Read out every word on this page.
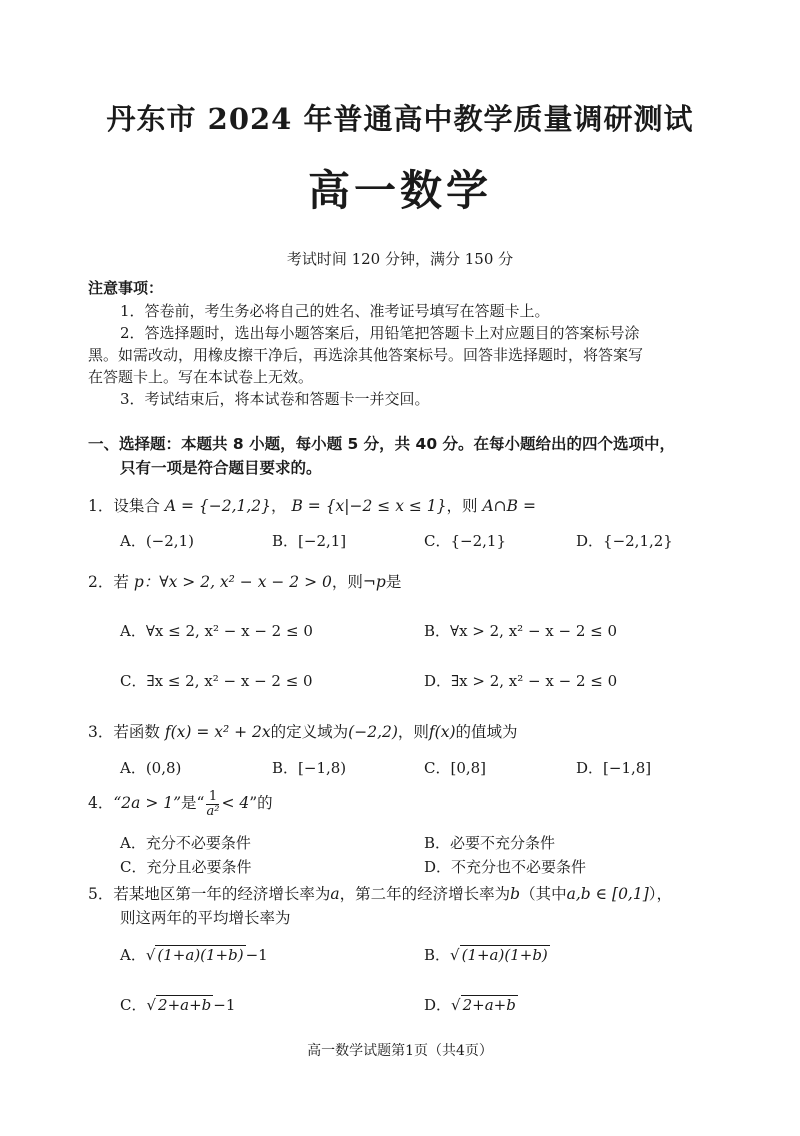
丹东市 2024 年普通高中教学质量调研测试
高一数学
考试时间 120 分钟，满分 150 分
注意事项：
1．答卷前，考生务必将自己的姓名、准考证号填写在答题卡上。
2．答选择题时，选出每小题答案后，用铅笔把答题卡上对应题目的答案标号涂
黑。如需改动，用橡皮擦干净后，再选涂其他答案标号。回答非选择题时，将答案写
在答题卡上。写在本试卷上无效。
3．考试结束后，将本试卷和答题卡一并交回。
一、选择题：本题共 8 小题，每小题 5 分，共 40 分。在每小题给出的四个选项中，
只有一项是符合题目要求的。
1．设集合 A = {−2,1,2}， B = {x|−2 ≤ x ≤ 1}，则 A∩B =
A．(−2,1)	B．[−2,1]	C．{−2,1}	D．{−2,1,2}
2．若 p：∀x > 2, x² − x − 2 > 0，则¬p是
A．∀x ≤ 2, x² − x − 2 ≤ 0	B．∀x > 2, x² − x − 2 ≤ 0
C．∃x ≤ 2, x² − x − 2 ≤ 0	D．∃x > 2, x² − x − 2 ≤ 0
3．若函数 f(x) = x² + 2x的定义域为(−2,2)，则f(x)的值域为
A．(0,8)	B．[−1,8)	C．[0,8]	D．[−1,8]
4．“2a > 1”是“ $\frac{1}{\text{a²}} < 4$”的
A．充分不必要条件	B．必要不充分条件
C．充分且必要条件	D．不充分也不必要条件
5．若某地区第一年的经济增长率为a，第二年的经济增长率为b（其中a,b ∈ [0,1]），
则这两年的平均增长率为
A．√ (1+a)(1+b) −1	B．√ (1+a)(1+b)
C．√ 2+a+b −1	D．√ 2+a+b
高一数学试题第1页（共4页）
